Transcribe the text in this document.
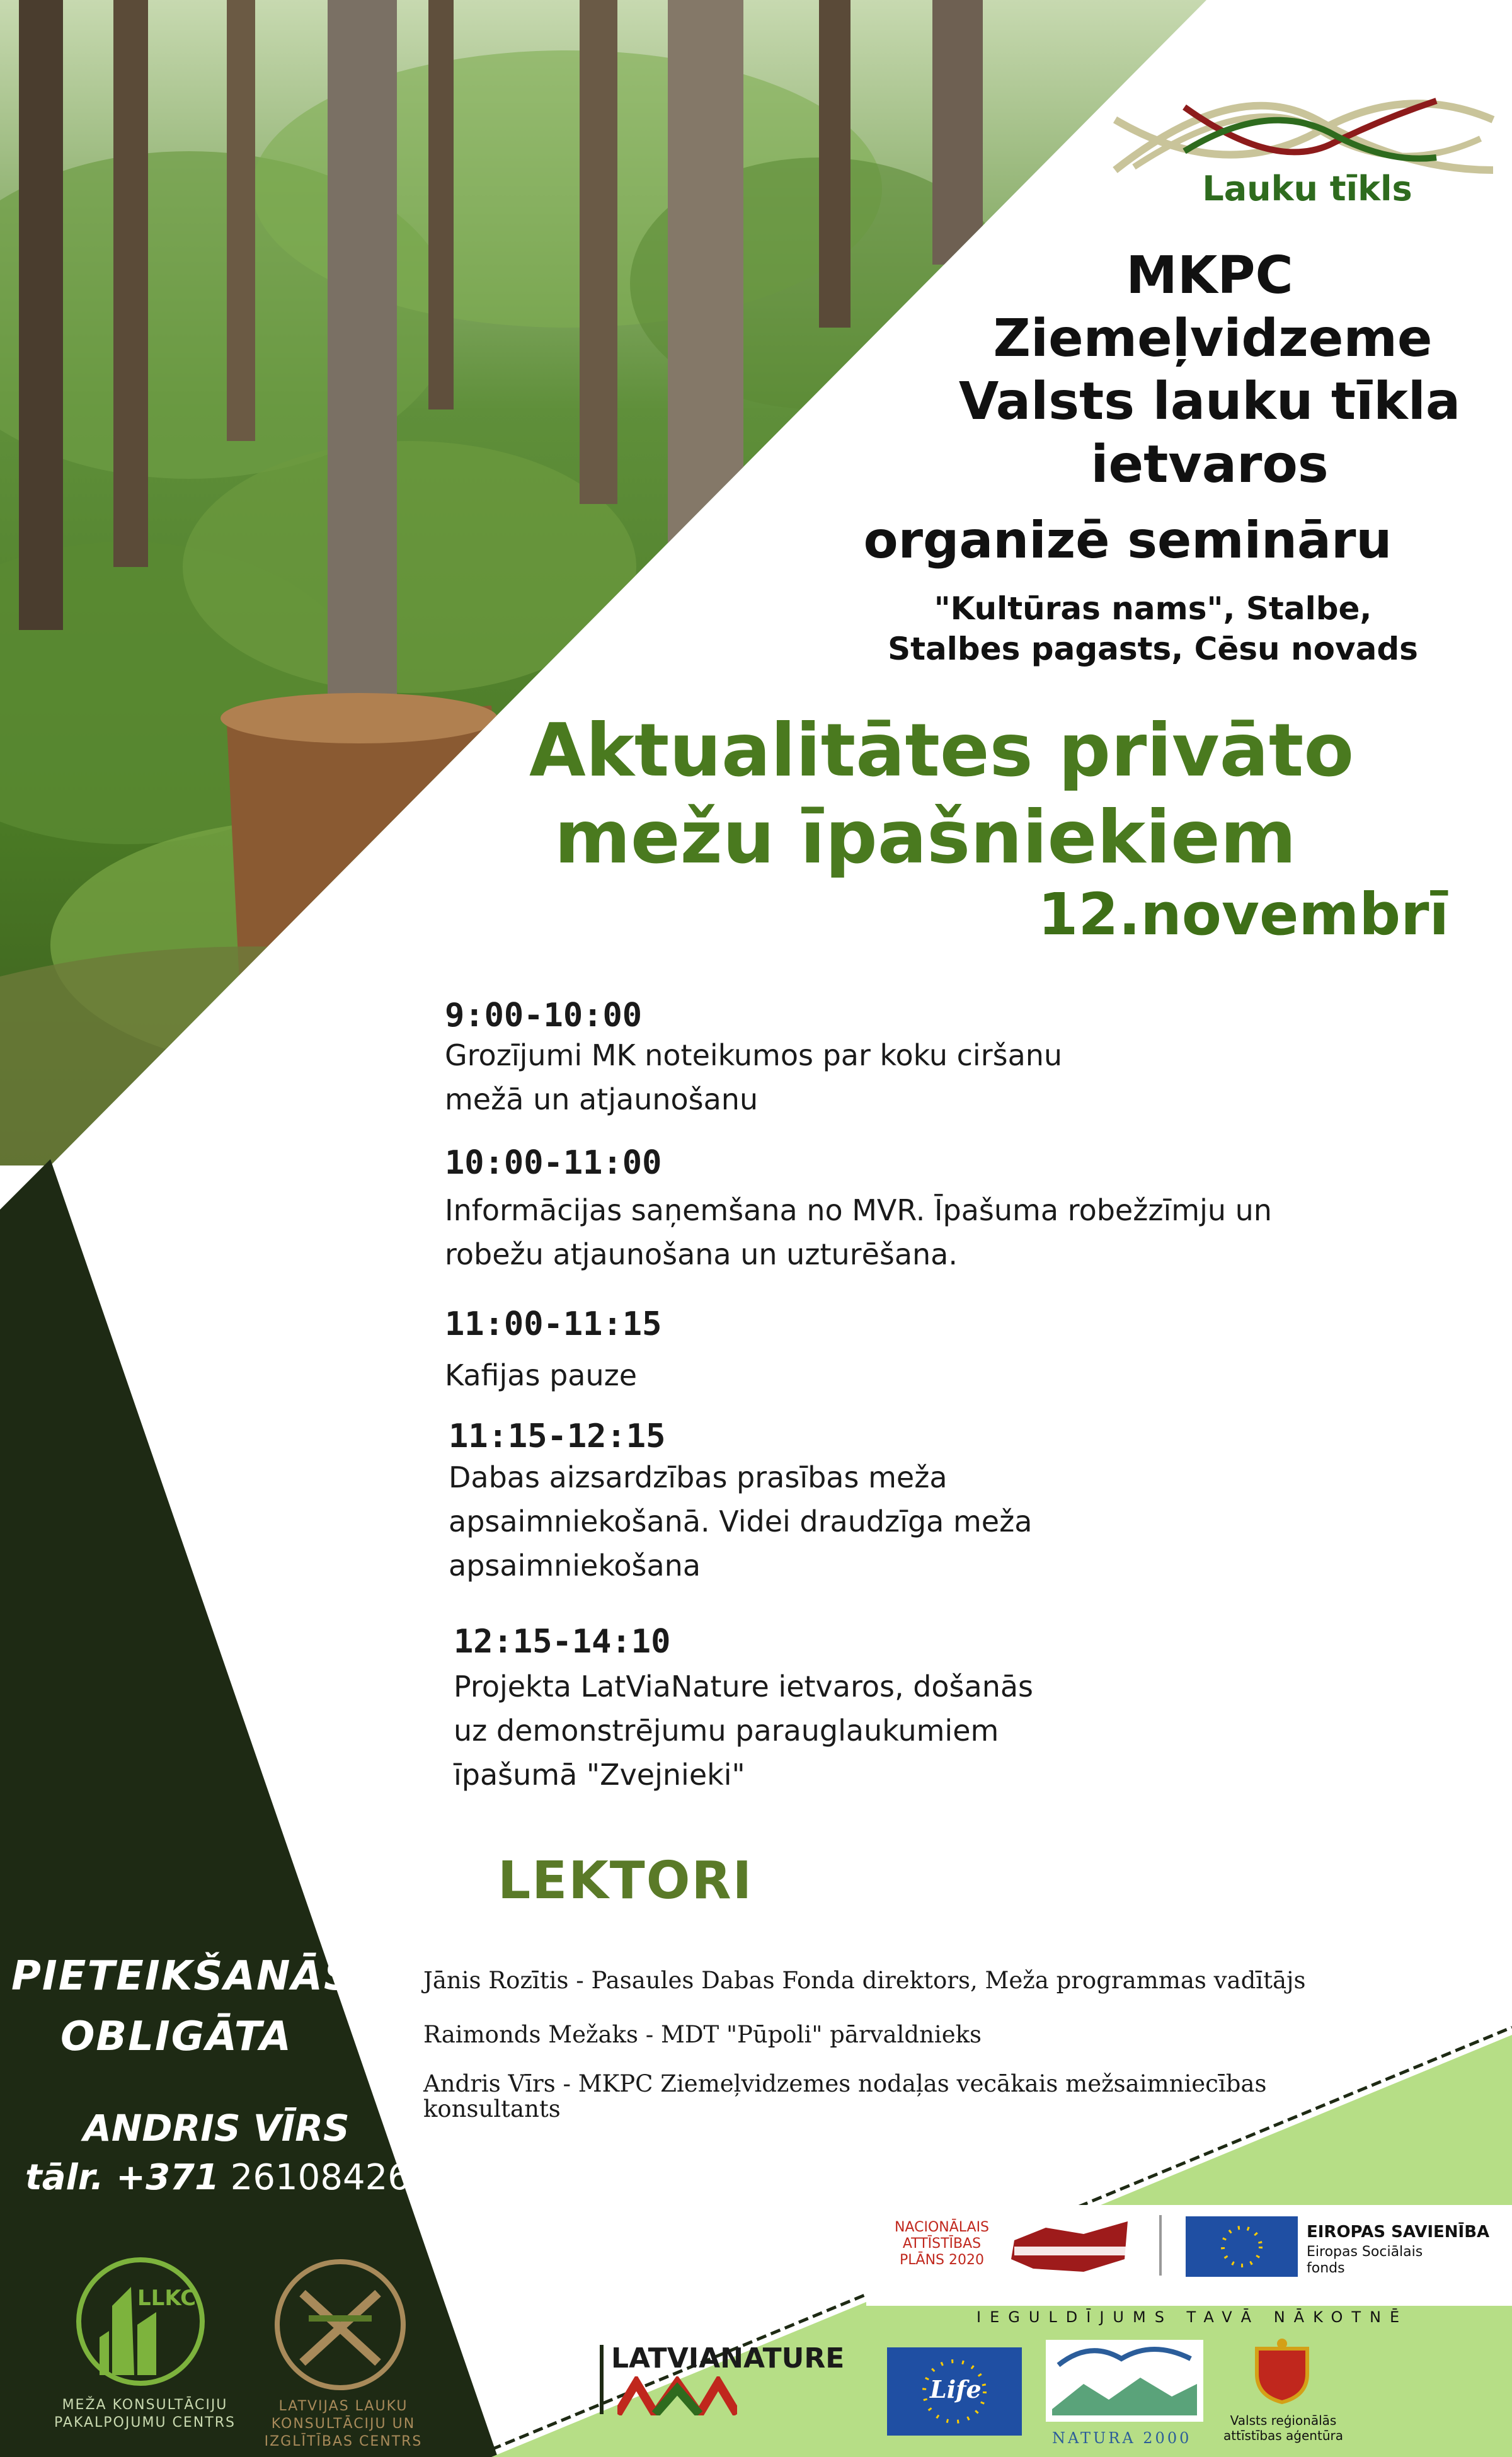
Lauku tīkls
MKPC
Ziemeļvidzeme
Valsts lauku tīkla
ietvaros
organizē semināru
"Kultūras nams", Stalbe,
Stalbes pagasts, Cēsu novads
Aktualitātes privāto
mežu īpašniekiem
12.novembrī
9:00-10:00
Grozījumi MK noteikumos par koku ciršanu
mežā un atjaunošanu
10:00-11:00
Informācijas saņemšana no MVR. Īpašuma robežzīmju un
robežu atjaunošana un uzturēšana.
11:00-11:15
Kafijas pauze
11:15-12:15
Dabas aizsardzības prasības meža
apsaimniekošanā. Videi draudzīga meža
apsaimniekošana
12:15-14:10
Projekta LatViaNature ietvaros, došanās
uz demonstrējumu parauglaukumiem
īpašumā "Zvejnieki"
LEKTORI
Jānis Rozītis - Pasaules Dabas Fonda direktors, Meža programmas vadītājs
Raimonds Mežaks - MDT "Pūpoli" pārvaldnieks
Andris Vīrs - MKPC Ziemeļvidzemes nodaļas vecākais mežsaimniecības
konsultants
PIETEIKŠANĀS
OBLIGĀTA
ANDRIS VĪRS
tālr. +371 26108426
LLKC
MEŽA KONSULTĀCIJU
PAKALPOJUMU CENTRS
LATVIJAS LAUKU
KONSULTĀCIJU UN
IZGLĪTĪBAS CENTRS
NACIONĀLAIS
ATTĪSTĪBAS
PLĀNS 2020
EIROPAS SAVIENĪBA
Eiropas Sociālais
fonds
IEGULDĪJUMS TAVĀ NĀKOTNĒ
LATVIANATURE
Life
NATURA 2000
Valsts reģionālās
attīstības aģentūra
